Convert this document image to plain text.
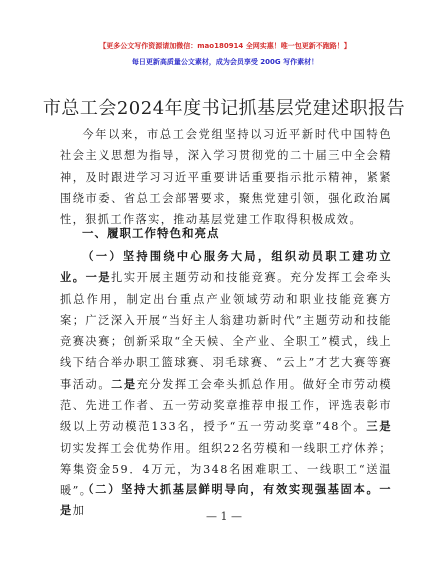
【更多公文写作资源请加微信：mao180914 全网实惠！唯一包更新不跑路！】
每日更新高质量公文素材，成为会员享受 200G 写作素材！
市总工会2024年度书记抓基层党建述职报告

今年以来，市总工会党组坚持以习近平新时代中国特色社会主义思想为指导，深入学习贯彻党的二十届三中全会精神，及时跟进学习习近平重要讲话重要指示批示精神，紧紧围绕市委、省总工会部署要求，聚焦党建引领，强化政治属性，狠抓工作落实，推动基层党建工作取得积极成效。

一、履职工作特色和亮点

（一）坚持围绕中心服务大局，组织动员职工建功立业。一是扎实开展主题劳动和技能竞赛。充分发挥工会牵头抓总作用，制定出台重点产业领域劳动和职业技能竞赛方案；广泛深入开展“当好主人翁建功新时代”主题劳动和技能竞赛决赛；创新采取“全天候、全产业、全职工”模式，线上线下结合举办职工篮球赛、羽毛球赛、“云上”才艺大赛等赛事活动。二是充分发挥工会牵头抓总作用。做好全市劳动模范、先进工作者、五一劳动奖章推荐申报工作，评选表彰市级以上劳动模范133名，授予“五一劳动奖章”48个。三是切实发挥工会优势作用。组织22名劳模和一线职工疗休养；筹集资金59．4万元，为348名困难职工、一线职工“送温暖”。

（二）坚持大抓基层鲜明导向，有效实现强基固本。一是加	— 1 —
